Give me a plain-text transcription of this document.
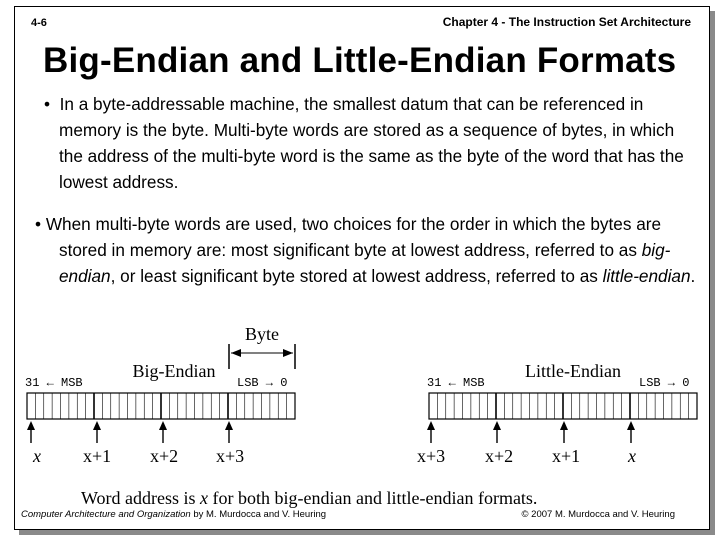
4-6	Chapter 4 - The Instruction Set Architecture
Big-Endian and Little-Endian Formats
• In a byte-addressable machine, the smallest datum that can be referenced in memory is the byte. Multi-byte words are stored as a sequence of bytes, in which the address of the multi-byte word is the same as the byte of the word that has the lowest address.
• When multi-byte words are used, two choices for the order in which the bytes are stored in memory are: most significant byte at lowest address, referred to as big-endian, or least significant byte stored at lowest address, referred to as little-endian.
Byte
31 ← MSB
Big-Endian
LSB → 0	31 ← MSB
Little-Endian
LSB → 0
x x+1 x+2 x+3	x+3 x+2 x+1	x
Word address is x for both big-endian and little-endian formats.
Computer Architecture and Organization by M. Murdocca and V. Heuring	© 2007 M. Murdocca and V. Heuring
